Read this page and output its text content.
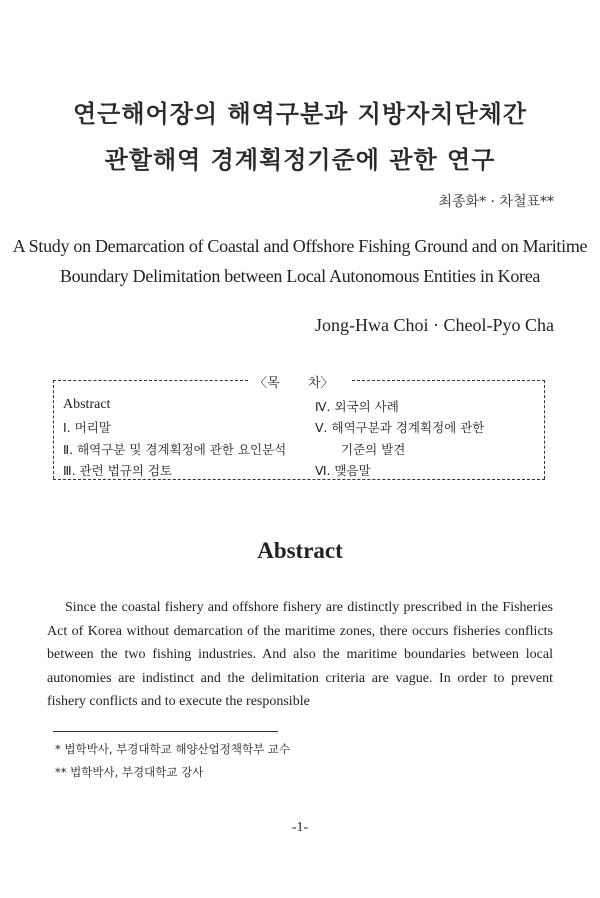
연근해어장의 해역구분과 지방자치단체간
관할해역 경계획정기준에 관한 연구
최종화* · 차철표**
A Study on Demarcation of Coastal and Offshore Fishing Ground and on Maritime
Boundary Delimitation between Local Autonomous Entities in Korea
Jong-Hwa Choi · Cheol-Pyo Cha
〈목 차〉
Abstract
Ⅰ. 머리말
Ⅱ. 해역구분 및 경계획정에 관한 요인분석
Ⅲ. 관련 법규의 검토
Ⅳ. 외국의 사례
Ⅴ. 해역구분과 경계획정에 관한
기준의 발견
Ⅵ. 맺음말
Abstract
Since the coastal fishery and offshore fishery are distinctly prescribed in the Fisheries Act of Korea without demarcation of the maritime zones, there occurs fisheries conflicts between the two fishing industries. And also the maritime boundaries between local autonomies are indistinct and the delimitation criteria are vague. In order to prevent fishery conflicts and to execute the responsible
* 법학박사, 부경대학교 해양산업정책학부 교수
** 법학박사, 부경대학교 강사
-1-
